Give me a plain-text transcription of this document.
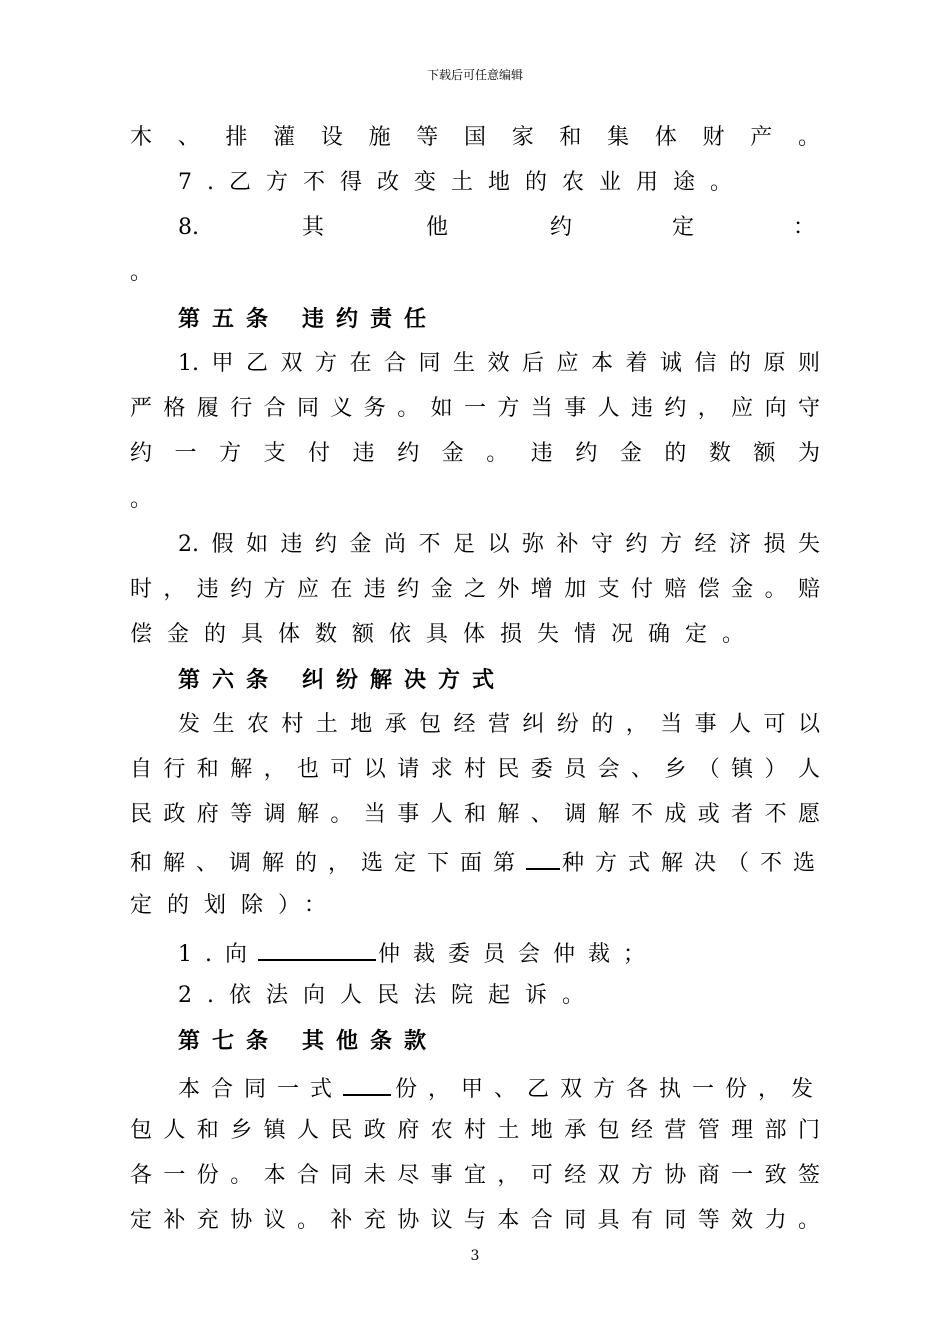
下载后可任意编辑
木、排灌设施等国家和集体财产。
7.乙方不得改变土地的农业用途。
8.	其	他	约	定	：
。
第五条 违约责任
1.甲乙双方在合同生效后应本着诚信的原则
严格履行合同义务。如一方当事人违约，应向守
约一方支付违约金。违约金的数额为
。
2.假如违约金尚不足以弥补守约方经济损失
时，违约方应在违约金之外增加支付赔偿金。赔
偿金的具体数额依具体损失情况确定。
第六条 纠纷解决方式
发生农村土地承包经营纠纷的，当事人可以
自行和解，也可以请求村民委员会、乡（镇）人
民政府等调解。当事人和解、调解不成或者不愿
和解、调解的，选定下面第 种方式解决（不选
定的划除）：
1.向	仲裁委员会仲裁；
2.依法向人民法院起诉。
第七条 其他条款
本合同一式 份，甲、乙双方各执一份，发
包人和乡镇人民政府农村土地承包经营管理部门
各一份。本合同未尽事宜，可经双方协商一致签
定补充协议。补充协议与本合同具有同等效力。
3
